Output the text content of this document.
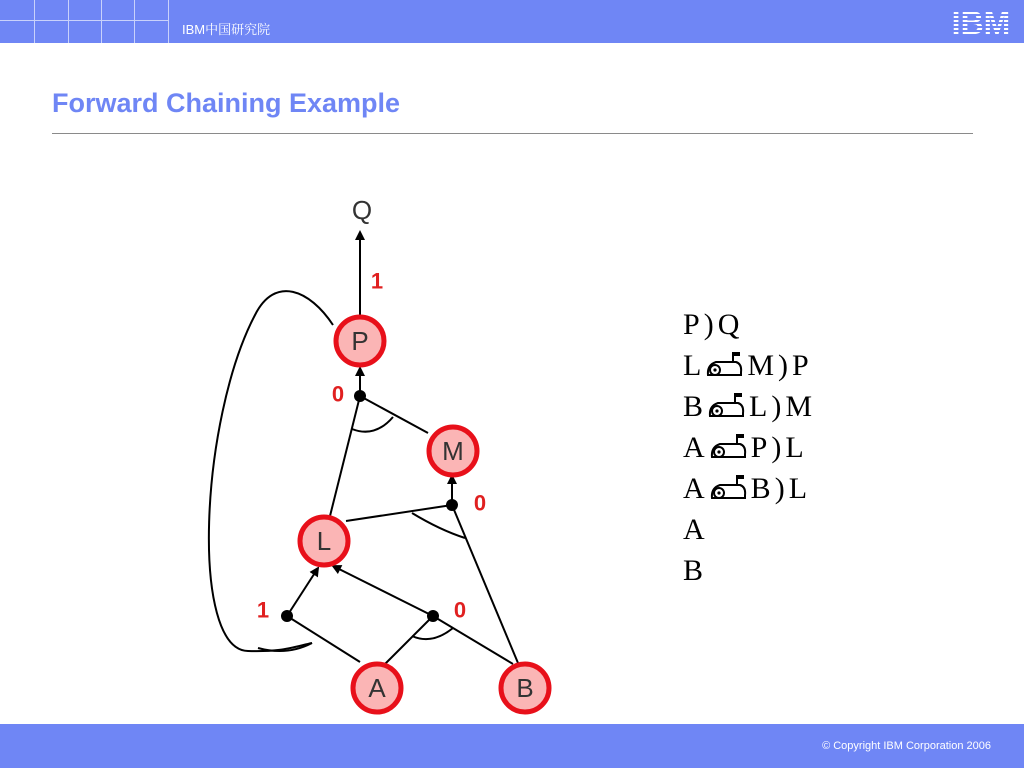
IBM中国研究院	IBM
Forward Chaining Example
Q
P
M
L
A	B
1
0
0
1	0
P ) Q
L M ) P
B L ) M
A P ) L
A B ) L
A
B
© Copyright IBM Corporation 2006
